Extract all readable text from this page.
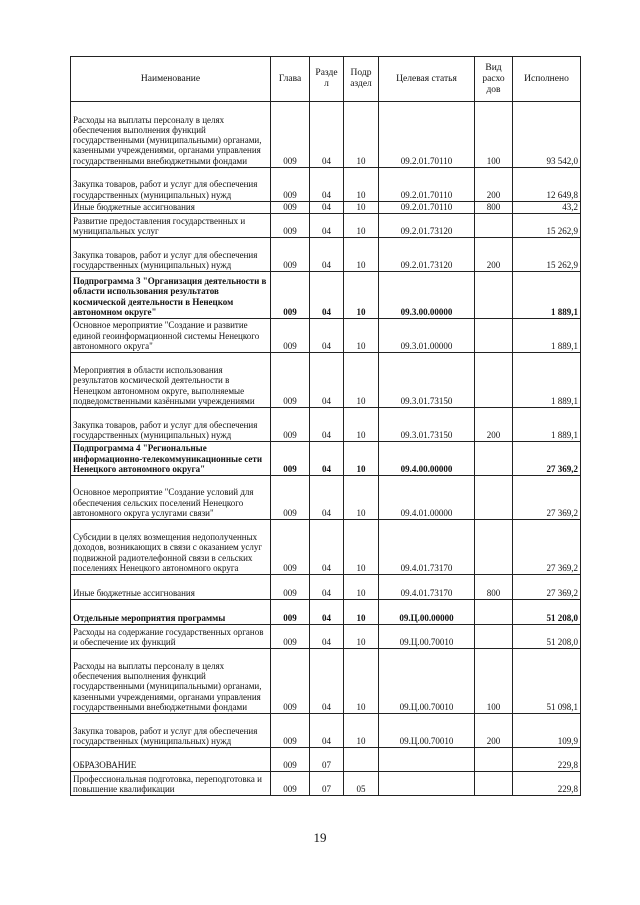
Наименование	Глава	Разде л	Подр аздел	Целевая статья	Вид расхо дов	Исполнено
Расходы на выплаты персоналу в целях обеспечения выполнения функций государственными (муниципальными) органами, казенными учреждениями, органами управления государственными внебюджетными фондами	009	04	10	09.2.01.70110	100	93 542,0
Закупка товаров, работ и услуг для обеспечения государственных (муниципальных) нужд	009	04	10	09.2.01.70110	200	12 649,8
Иные бюджетные ассигнования	009	04	10	09.2.01.70110	800	43,2
Развитие предоставления государственных и муниципальных услуг	009	04	10	09.2.01.73120		15 262,9
Закупка товаров, работ и услуг для обеспечения государственных (муниципальных) нужд	009	04	10	09.2.01.73120	200	15 262,9
Подпрограмма 3 "Организация деятельности в области использования результатов космической деятельности в Ненецком автономном округе"	009	04	10	09.3.00.00000		1 889,1
Основное мероприятие "Создание и развитие единой геоинформационной системы Ненецкого автономного округа"	009	04	10	09.3.01.00000		1 889,1
Мероприятия в области использования результатов космической деятельности в Ненецком автономном округе, выполняемые подведомственными казёнными учреждениями	009	04	10	09.3.01.73150		1 889,1
Закупка товаров, работ и услуг для обеспечения государственных (муниципальных) нужд	009	04	10	09.3.01.73150	200	1 889,1
Подпрограмма 4 "Региональные информационно-телекоммуникационные сети Ненецкого автономного округа"	009	04	10	09.4.00.00000		27 369,2
Основное мероприятие "Создание условий для обеспечения сельских поселений Ненецкого автономного округа услугами связи"	009	04	10	09.4.01.00000		27 369,2
Субсидии в целях возмещения недополученных доходов, возникающих в связи с оказанием услуг подвижной радиотелефонной связи в сельских поселениях Ненецкого автономного округа	009	04	10	09.4.01.73170		27 369,2
Иные бюджетные ассигнования	009	04	10	09.4.01.73170	800	27 369,2
Отдельные мероприятия программы	009	04	10	09.Ц.00.00000		51 208,0
Расходы на содержание государственных органов и обеспечение их функций	009	04	10	09.Ц.00.70010		51 208,0
Расходы на выплаты персоналу в целях обеспечения выполнения функций государственными (муниципальными) органами, казенными учреждениями, органами управления государственными внебюджетными фондами	009	04	10	09.Ц.00.70010	100	51 098,1
Закупка товаров, работ и услуг для обеспечения государственных (муниципальных) нужд	009	04	10	09.Ц.00.70010	200	109,9
ОБРАЗОВАНИЕ	009	07				229,8
Профессиональная подготовка, переподготовка и повышение квалификации	009	07	05			229,8
19
